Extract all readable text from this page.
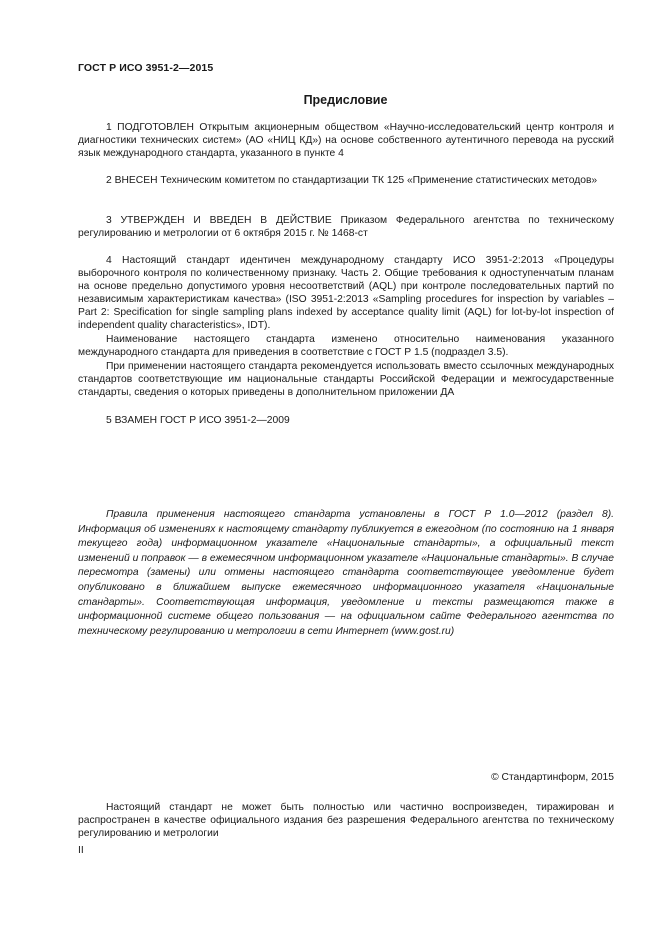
ГОСТ Р ИСО 3951-2—2015
Предисловие

1 ПОДГОТОВЛЕН Открытым акционерным обществом «Научно-исследовательский центр контроля и диагностики технических систем» (АО «НИЦ КД») на основе собственного аутентичного перевода на русский язык международного стандарта, указанного в пункте 4

2 ВНЕСЕН Техническим комитетом по стандартизации ТК 125 «Применение статистических методов»

3 УТВЕРЖДЕН И ВВЕДЕН В ДЕЙСТВИЕ Приказом Федерального агентства по техническому регулированию и метрологии от 6 октября 2015 г. № 1468-ст

4 Настоящий стандарт идентичен международному стандарту ИСО 3951-2:2013 «Процедуры выборочного контроля по количественному признаку. Часть 2. Общие требования к одноступенчатым планам на основе предельно допустимого уровня несоответствий (AQL) при контроле последовательных партий по независимым характеристикам качества» (ISO 3951-2:2013 «Sampling procedures for inspection by variables – Part 2: Specification for single sampling plans indexed by acceptance quality limit (AQL) for lot-by-lot inspection of independent quality characteristics», IDT).

Наименование настоящего стандарта изменено относительно наименования указанного международного стандарта для приведения в соответствие с ГОСТ Р 1.5 (подраздел 3.5).

При применении настоящего стандарта рекомендуется использовать вместо ссылочных международных стандартов соответствующие им национальные стандарты Российской Федерации и межгосударственные стандарты, сведения о которых приведены в дополнительном приложении ДА

5 ВЗАМЕН ГОСТ Р ИСО 3951-2—2009

Правила применения настоящего стандарта установлены в ГОСТ Р 1.0—2012 (раздел 8). Информация об изменениях к настоящему стандарту публикуется в ежегодном (по состоянию на 1 января текущего года) информационном указателе «Национальные стандарты», а официальный текст изменений и поправок — в ежемесячном информационном указателе «Национальные стандарты». В случае пересмотра (замены) или отмены настоящего стандарта соответствующее уведомление будет опубликовано в ближайшем выпуске ежемесячного информационного указателя «Национальные стандарты». Соответствующая информация, уведомление и тексты размещаются также в информационной системе общего пользования — на официальном сайте Федерального агентства по техническому регулированию и метрологии в сети Интернет (www.gost.ru)

© Стандартинформ, 2015

Настоящий стандарт не может быть полностью или частично воспроизведен, тиражирован и распространен в качестве официального издания без разрешения Федерального агентства по техническому регулированию и метрологии

II
